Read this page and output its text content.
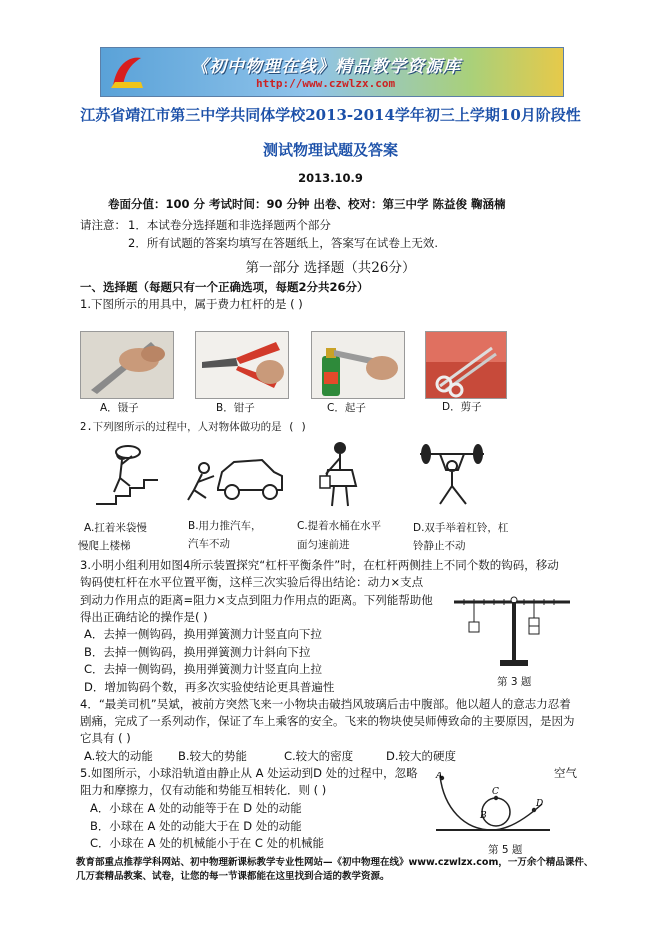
《初中物理在线》精品教学资源库
http://www.czwlzx.com
江苏省靖江市第三中学共同体学校2013-2014学年初三上学期10月阶段性
测试物理试题及答案
2013.10.9
卷面分值：100 分 考试时间：90 分钟 出卷、校对：第三中学 陈益俊 鞠涵楠
请注意： 1．本试卷分选择题和非选择题两个部分
2．所有试题的答案均填写在答题纸上，答案写在试卷上无效.
第一部分 选择题（共26分）
一、选择题（每题只有一个正确选项，每题2分共26分）
1.下图所示的用具中，属于费力杠杆的是 ( )
A．镊子	B．钳子	C．起子	D．剪子
2.下列图所示的过程中，人对物体做功的是 ( )
A.扛着米袋慢
慢爬上楼梯
B.用力推汽车，
汽车不动
C.提着水桶在水平
面匀速前进
D.双手举着杠铃，杠
铃静止不动
3.小明小组利用如图4所示装置探究“杠杆平衡条件”时，在杠杆两侧挂上不同个数的钩码，移动
钩码使杠杆在水平位置平衡，这样三次实验后得出结论：动力×支点
到动力作用点的距离=阻力×支点到阻力作用点的距离。下列能帮助他
得出正确结论的操作是( )
A．去掉一侧钩码，换用弹簧测力计竖直向下拉
B．去掉一侧钩码，换用弹簧测力计斜向下拉
C．去掉一侧钩码，换用弹簧测力计竖直向上拉
D．增加钩码个数，再多次实验使结论更具普遍性	第 3 题
4．“最美司机”吴斌，被前方突然飞来一小物块击破挡风玻璃后击中腹部。他以超人的意志力忍着
剧痛，完成了一系列动作，保证了车上乘客的安全。飞来的物块使吴师傅致命的主要原因，是因为
它具有 ( )
A.较大的动能 B.较大的势能	C.较大的密度	D.较大的硬度
5.如图所示，小球沿轨道由静止从 A 处运动到D 处的过程中，忽略	空气
阻力和摩擦力，仅有动能和势能互相转化．则 ( )
A．小球在 A 处的动能等于在 D 处的动能
B．小球在 A 处的动能大于在 D 处的动能
C．小球在 A 处的机械能小于在 C 处的机械能
A
B
C
D
第 5 题
教育部重点推荐学科网站、初中物理新课标教学专业性网站—《初中物理在线》www.czwlzx.com，一万余个精品课件、几万套精品教案、试卷，让您的每一节课都能在这里找到合适的教学资源。
